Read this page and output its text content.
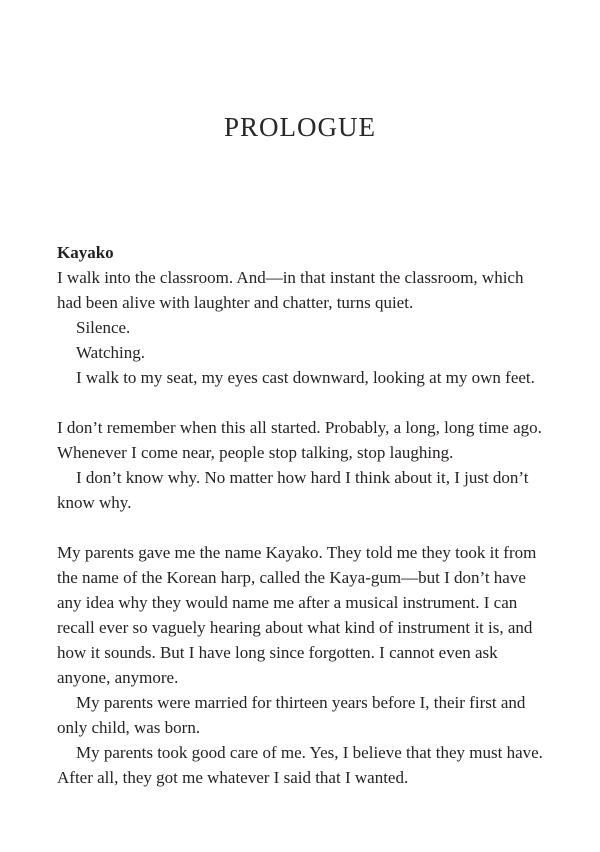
PROLOGUE
Kayako

I walk into the classroom. And—in that instant the classroom, which had been alive with laughter and chatter, turns quiet.

Silence.

Watching.

I walk to my seat, my eyes cast downward, looking at my own feet.

I don’t remember when this all started. Probably, a long, long time ago. Whenever I come near, people stop talking, stop laughing.

I don’t know why. No matter how hard I think about it, I just don’t know why.

My parents gave me the name Kayako. They told me they took it from the name of the Korean harp, called the Kaya-gum—but I don’t have any idea why they would name me after a musical instrument. I can recall ever so vaguely hearing about what kind of instrument it is, and how it sounds. But I have long since forgotten. I cannot even ask anyone, anymore.

My parents were married for thirteen years before I, their first and only child, was born.

My parents took good care of me. Yes, I believe that they must have. After all, they got me whatever I said that I wanted.
